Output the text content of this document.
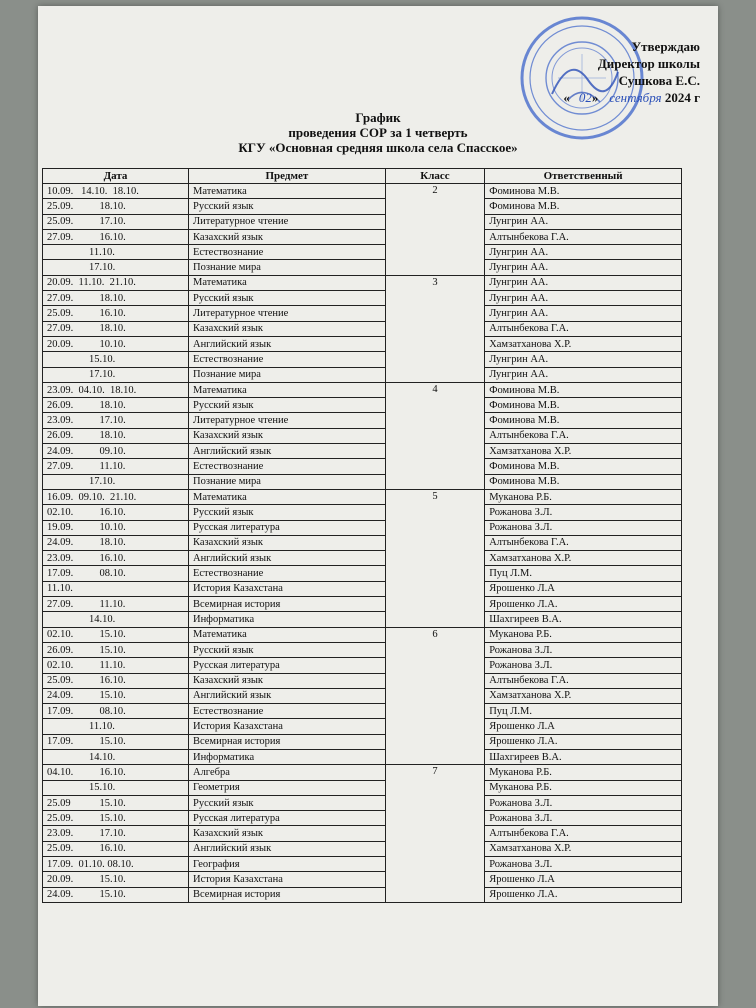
Утверждаю
Директор школы
Сушкова Е.С.
« 02» сентября 2024 г
График
проведения СОР за 1 четверть
КГУ «Основная средняя школа села Спасское»
Дата	Предмет	Класс	Ответственный
10.09.   14.10.  18.10.	Математика	2	Фоминова М.В.
25.09.          18.10.	Русский язык		Фоминова М.В.
25.09.          17.10.	Литературное чтение		Лунгрин АА.
27.09.          16.10.	Казахский язык		Алтынбекова Г.А.
11.10.	Естествознание		Лунгрин АА.
17.10.	Познание мира		Лунгрин АА.
20.09.  11.10.  21.10.	Математика	3	Лунгрин АА.
27.09.          18.10.	Русский язык		Лунгрин АА.
25.09.          16.10.	Литературное чтение		Лунгрин АА.
27.09.          18.10.	Казахский язык		Алтынбекова Г.А.
20.09.          10.10.	Английский язык		Хамзатханова Х.Р.
15.10.	Естествознание		Лунгрин АА.
17.10.	Познание мира		Лунгрин АА.
23.09.  04.10.  18.10.	Математика	4	Фоминова М.В.
26.09.          18.10.	Русский язык		Фоминова М.В.
23.09.          17.10.	Литературное чтение		Фоминова М.В.
26.09.          18.10.	Казахский язык		Алтынбекова Г.А.
24.09.          09.10.	Английский язык		Хамзатханова Х.Р.
27.09.          11.10.	Естествознание		Фоминова М.В.
17.10.	Познание мира		Фоминова М.В.
16.09.  09.10.  21.10.	Математика	5	Муканова Р.Б.
02.10.          16.10.	Русский язык		Рожанова З.Л.
19.09.          10.10.	Русская литература		Рожанова З.Л.
24.09.          18.10.	Казахский язык		Алтынбекова Г.А.
23.09.          16.10.	Английский язык		Хамзатханова Х.Р.
17.09.          08.10.	Естествознание		Пуц Л.М.
11.10.	История Казахстана		Ярошенко Л.А
27.09.          11.10.	Всемирная история		Ярошенко Л.А.
14.10.	Информатика		Шахгиреев В.А.
02.10.          15.10.	Математика	6	Муканова Р.Б.
26.09.          15.10.	Русский язык		Рожанова З.Л.
02.10.          11.10.	Русская литература		Рожанова З.Л.
25.09.          16.10.	Казахский язык		Алтынбекова Г.А.
24.09.          15.10.	Английский язык		Хамзатханова Х.Р.
17.09.          08.10.	Естествознание		Пуц Л.М.
11.10.	История Казахстана		Ярошенко Л.А
17.09.          15.10.	Всемирная история		Ярошенко Л.А.
14.10.	Информатика		Шахгиреев В.А.
04.10.          16.10.	Алгебра	7	Муканова Р.Б.
15.10.	Геометрия		Муканова Р.Б.
25.09           15.10.	Русский язык		Рожанова З.Л.
25.09.          15.10.	Русская литература		Рожанова З.Л.
23.09.          17.10.	Казахский язык		Алтынбекова Г.А.
25.09.          16.10.	Английский язык		Хамзатханова Х.Р.
17.09.  01.10. 08.10.	География		Рожанова З.Л.
20.09.          15.10.	История Казахстана		Ярошенко Л.А
24.09.          15.10.	Всемирная история		Ярошенко Л.А.
